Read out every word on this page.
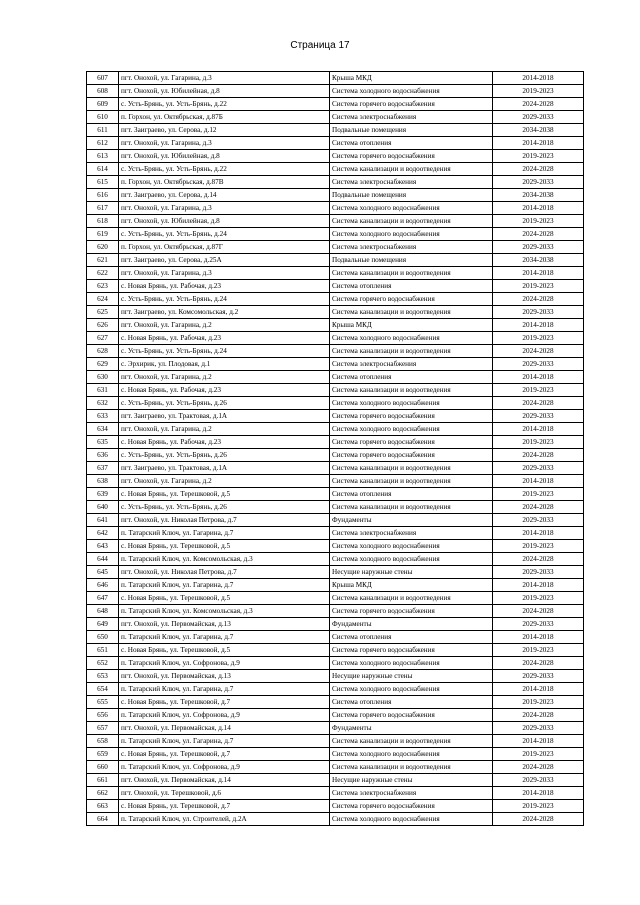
Страница 17
607	пгт. Онохой, ул. Гагарина, д.3	Крыша МКД	2014-2018
608	пгт. Онохой, ул. Юбилейная, д.8	Система холодного водоснабжения	2019-2023
609	с. Усть-Брянь, ул. Усть-Брянь, д.22	Система горячего водоснабжения	2024-2028
610	п. Горхон, ул. Октябрьская, д.87Б	Система электроснабжения	2029-2033
611	пгт. Заиграево, ул. Серова, д.12	Подвальные помещения	2034-2038
612	пгт. Онохой, ул. Гагарина, д.3	Система отопления	2014-2018
613	пгт. Онохой, ул. Юбилейная, д.8	Система горячего водоснабжения	2019-2023
614	с. Усть-Брянь, ул. Усть-Брянь, д.22	Система канализации и водоотведения	2024-2028
615	п. Горхон, ул. Октябрьская, д.87В	Система электроснабжения	2029-2033
616	пгт. Заиграево, ул. Серова, д.14	Подвальные помещения	2034-2038
617	пгт. Онохой, ул. Гагарина, д.3	Система холодного водоснабжения	2014-2018
618	пгт. Онохой, ул. Юбилейная, д.8	Система канализации и водоотведения	2019-2023
619	с. Усть-Брянь, ул. Усть-Брянь, д.24	Система холодного водоснабжения	2024-2028
620	п. Горхон, ул. Октябрьская, д.87Г	Система электроснабжения	2029-2033
621	пгт. Заиграево, ул. Серова, д.25А	Подвальные помещения	2034-2038
622	пгт. Онохой, ул. Гагарина, д.3	Система канализации и водоотведения	2014-2018
623	с. Новая Брянь, ул. Рабочая, д.23	Система отопления	2019-2023
624	с. Усть-Брянь, ул. Усть-Брянь, д.24	Система горячего водоснабжения	2024-2028
625	пгт. Заиграево, ул. Комсомольская, д.2	Система канализации и водоотведения	2029-2033
626	пгт. Онохой, ул. Гагарина, д.2	Крыша МКД	2014-2018
627	с. Новая Брянь, ул. Рабочая, д.23	Система холодного водоснабжения	2019-2023
628	с. Усть-Брянь, ул. Усть-Брянь, д.24	Система канализации и водоотведения	2024-2028
629	с. Эрхирик, ул. Плодовая, д.1	Система электроснабжения	2029-2033
630	пгт. Онохой, ул. Гагарина, д.2	Система отопления	2014-2018
631	с. Новая Брянь, ул. Рабочая, д.23	Система канализации и водоотведения	2019-2023
632	с. Усть-Брянь, ул. Усть-Брянь, д.26	Система холодного водоснабжения	2024-2028
633	пгт. Заиграево, ул. Трактовая, д.1А	Система горячего водоснабжения	2029-2033
634	пгт. Онохой, ул. Гагарина, д.2	Система холодного водоснабжения	2014-2018
635	с. Новая Брянь, ул. Рабочая, д.23	Система горячего водоснабжения	2019-2023
636	с. Усть-Брянь, ул. Усть-Брянь, д.26	Система горячего водоснабжения	2024-2028
637	пгт. Заиграево, ул. Трактовая, д.1А	Система канализации и водоотведения	2029-2033
638	пгт. Онохой, ул. Гагарина, д.2	Система канализации и водоотведения	2014-2018
639	с. Новая Брянь, ул. Терешковой, д.5	Система отопления	2019-2023
640	с. Усть-Брянь, ул. Усть-Брянь, д.26	Система канализации и водоотведения	2024-2028
641	пгт. Онохой, ул. Николая Петрова, д.7	Фундаменты	2029-2033
642	п. Татарский Ключ, ул. Гагарина, д.7	Система электроснабжения	2014-2018
643	с. Новая Брянь, ул. Терешковой, д.5	Система холодного водоснабжения	2019-2023
644	п. Татарский Ключ, ул. Комсомольская, д.3	Система холодного водоснабжения	2024-2028
645	пгт. Онохой, ул. Николая Петрова, д.7	Несущие наружные стены	2029-2033
646	п. Татарский Ключ, ул. Гагарина, д.7	Крыша МКД	2014-2018
647	с. Новая Брянь, ул. Терешковой, д.5	Система канализации и водоотведения	2019-2023
648	п. Татарский Ключ, ул. Комсомольская, д.3	Система горячего водоснабжения	2024-2028
649	пгт. Онохой, ул. Первомайская, д.13	Фундаменты	2029-2033
650	п. Татарский Ключ, ул. Гагарина, д.7	Система отопления	2014-2018
651	с. Новая Брянь, ул. Терешковой, д.5	Система горячего водоснабжения	2019-2023
652	п. Татарский Ключ, ул. Софронова, д.9	Система холодного водоснабжения	2024-2028
653	пгт. Онохой, ул. Первомайская, д.13	Несущие наружные стены	2029-2033
654	п. Татарский Ключ, ул. Гагарина, д.7	Система холодного водоснабжения	2014-2018
655	с. Новая Брянь, ул. Терешковой, д.7	Система отопления	2019-2023
656	п. Татарский Ключ, ул. Софронова, д.9	Система горячего водоснабжения	2024-2028
657	пгт. Онохой, ул. Первомайская, д.14	Фундаменты	2029-2033
658	п. Татарский Ключ, ул. Гагарина, д.7	Система канализации и водоотведения	2014-2018
659	с. Новая Брянь, ул. Терешковой, д.7	Система холодного водоснабжения	2019-2023
660	п. Татарский Ключ, ул. Софронова, д.9	Система канализации и водоотведения	2024-2028
661	пгт. Онохой, ул. Первомайская, д.14	Несущие наружные стены	2029-2033
662	пгт. Онохой, ул. Терешковой, д.6	Система электроснабжения	2014-2018
663	с. Новая Брянь, ул. Терешковой, д.7	Система горячего водоснабжения	2019-2023
664	п. Татарский Ключ, ул. Строителей, д.2А	Система холодного водоснабжения	2024-2028
